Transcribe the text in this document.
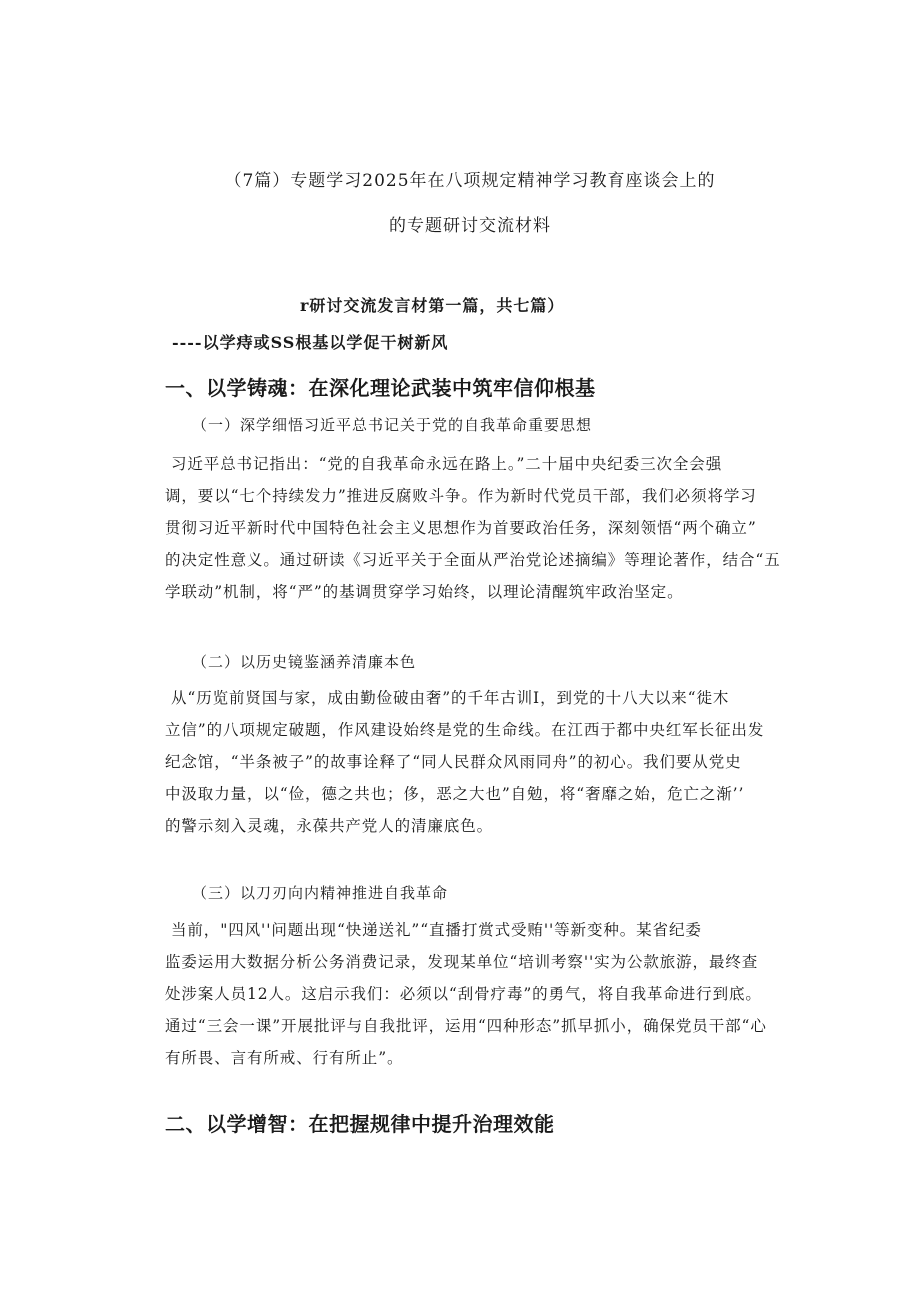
（7篇）专题学习2025年在八项规定精神学习教育座谈会上的
的专题研讨交流材料
r研讨交流发言材第一篇，共七篇）
----以学痔或SS根基以学促干树新风
一、以学铸魂：在深化理论武装中筑牢信仰根基
（一）深学细悟习近平总书记关于党的自我革命重要思想
习近平总书记指出：“党的自我革命永远在路上。”二十届中央纪委三次全会强
调，要以“七个持续发力”推进反腐败斗争。作为新时代党员干部，我们必须将学习
贯彻习近平新时代中国特色社会主义思想作为首要政治任务，深刻领悟“两个确立”
的决定性意义。通过研读《习近平关于全面从严治党论述摘编》等理论著作，结合“五
学联动”机制，将“严”的基调贯穿学习始终，以理论清醒筑牢政治坚定。
（二）以历史镜鉴涵养清廉本色
从“历览前贤国与家，成由勤俭破由奢”的千年古训I，到党的十八大以来“徙木
立信”的八项规定破题，作风建设始终是党的生命线。在江西于都中央红军长征出发
纪念馆，“半条被子”的故事诠释了“同人民群众风雨同舟”的初心。我们要从党史
中汲取力量，以“俭，德之共也；侈，恶之大也”自勉，将“奢靡之始，危亡之渐’’
的警示刻入灵魂，永葆共产党人的清廉底色。
（三）以刀刃向内精神推进自我革命
当前，"四风''问题出现“快递送礼”“直播打赏式受贿''等新变种。某省纪委
监委运用大数据分析公务消费记录，发现某单位“培训考察''实为公款旅游，最终查
处涉案人员12人。这启示我们：必须以“刮骨疗毒”的勇气，将自我革命进行到底。
通过“三会一课”开展批评与自我批评，运用“四种形态”抓早抓小，确保党员干部“心
有所畏、言有所戒、行有所止”。
二、以学增智：在把握规律中提升治理效能
